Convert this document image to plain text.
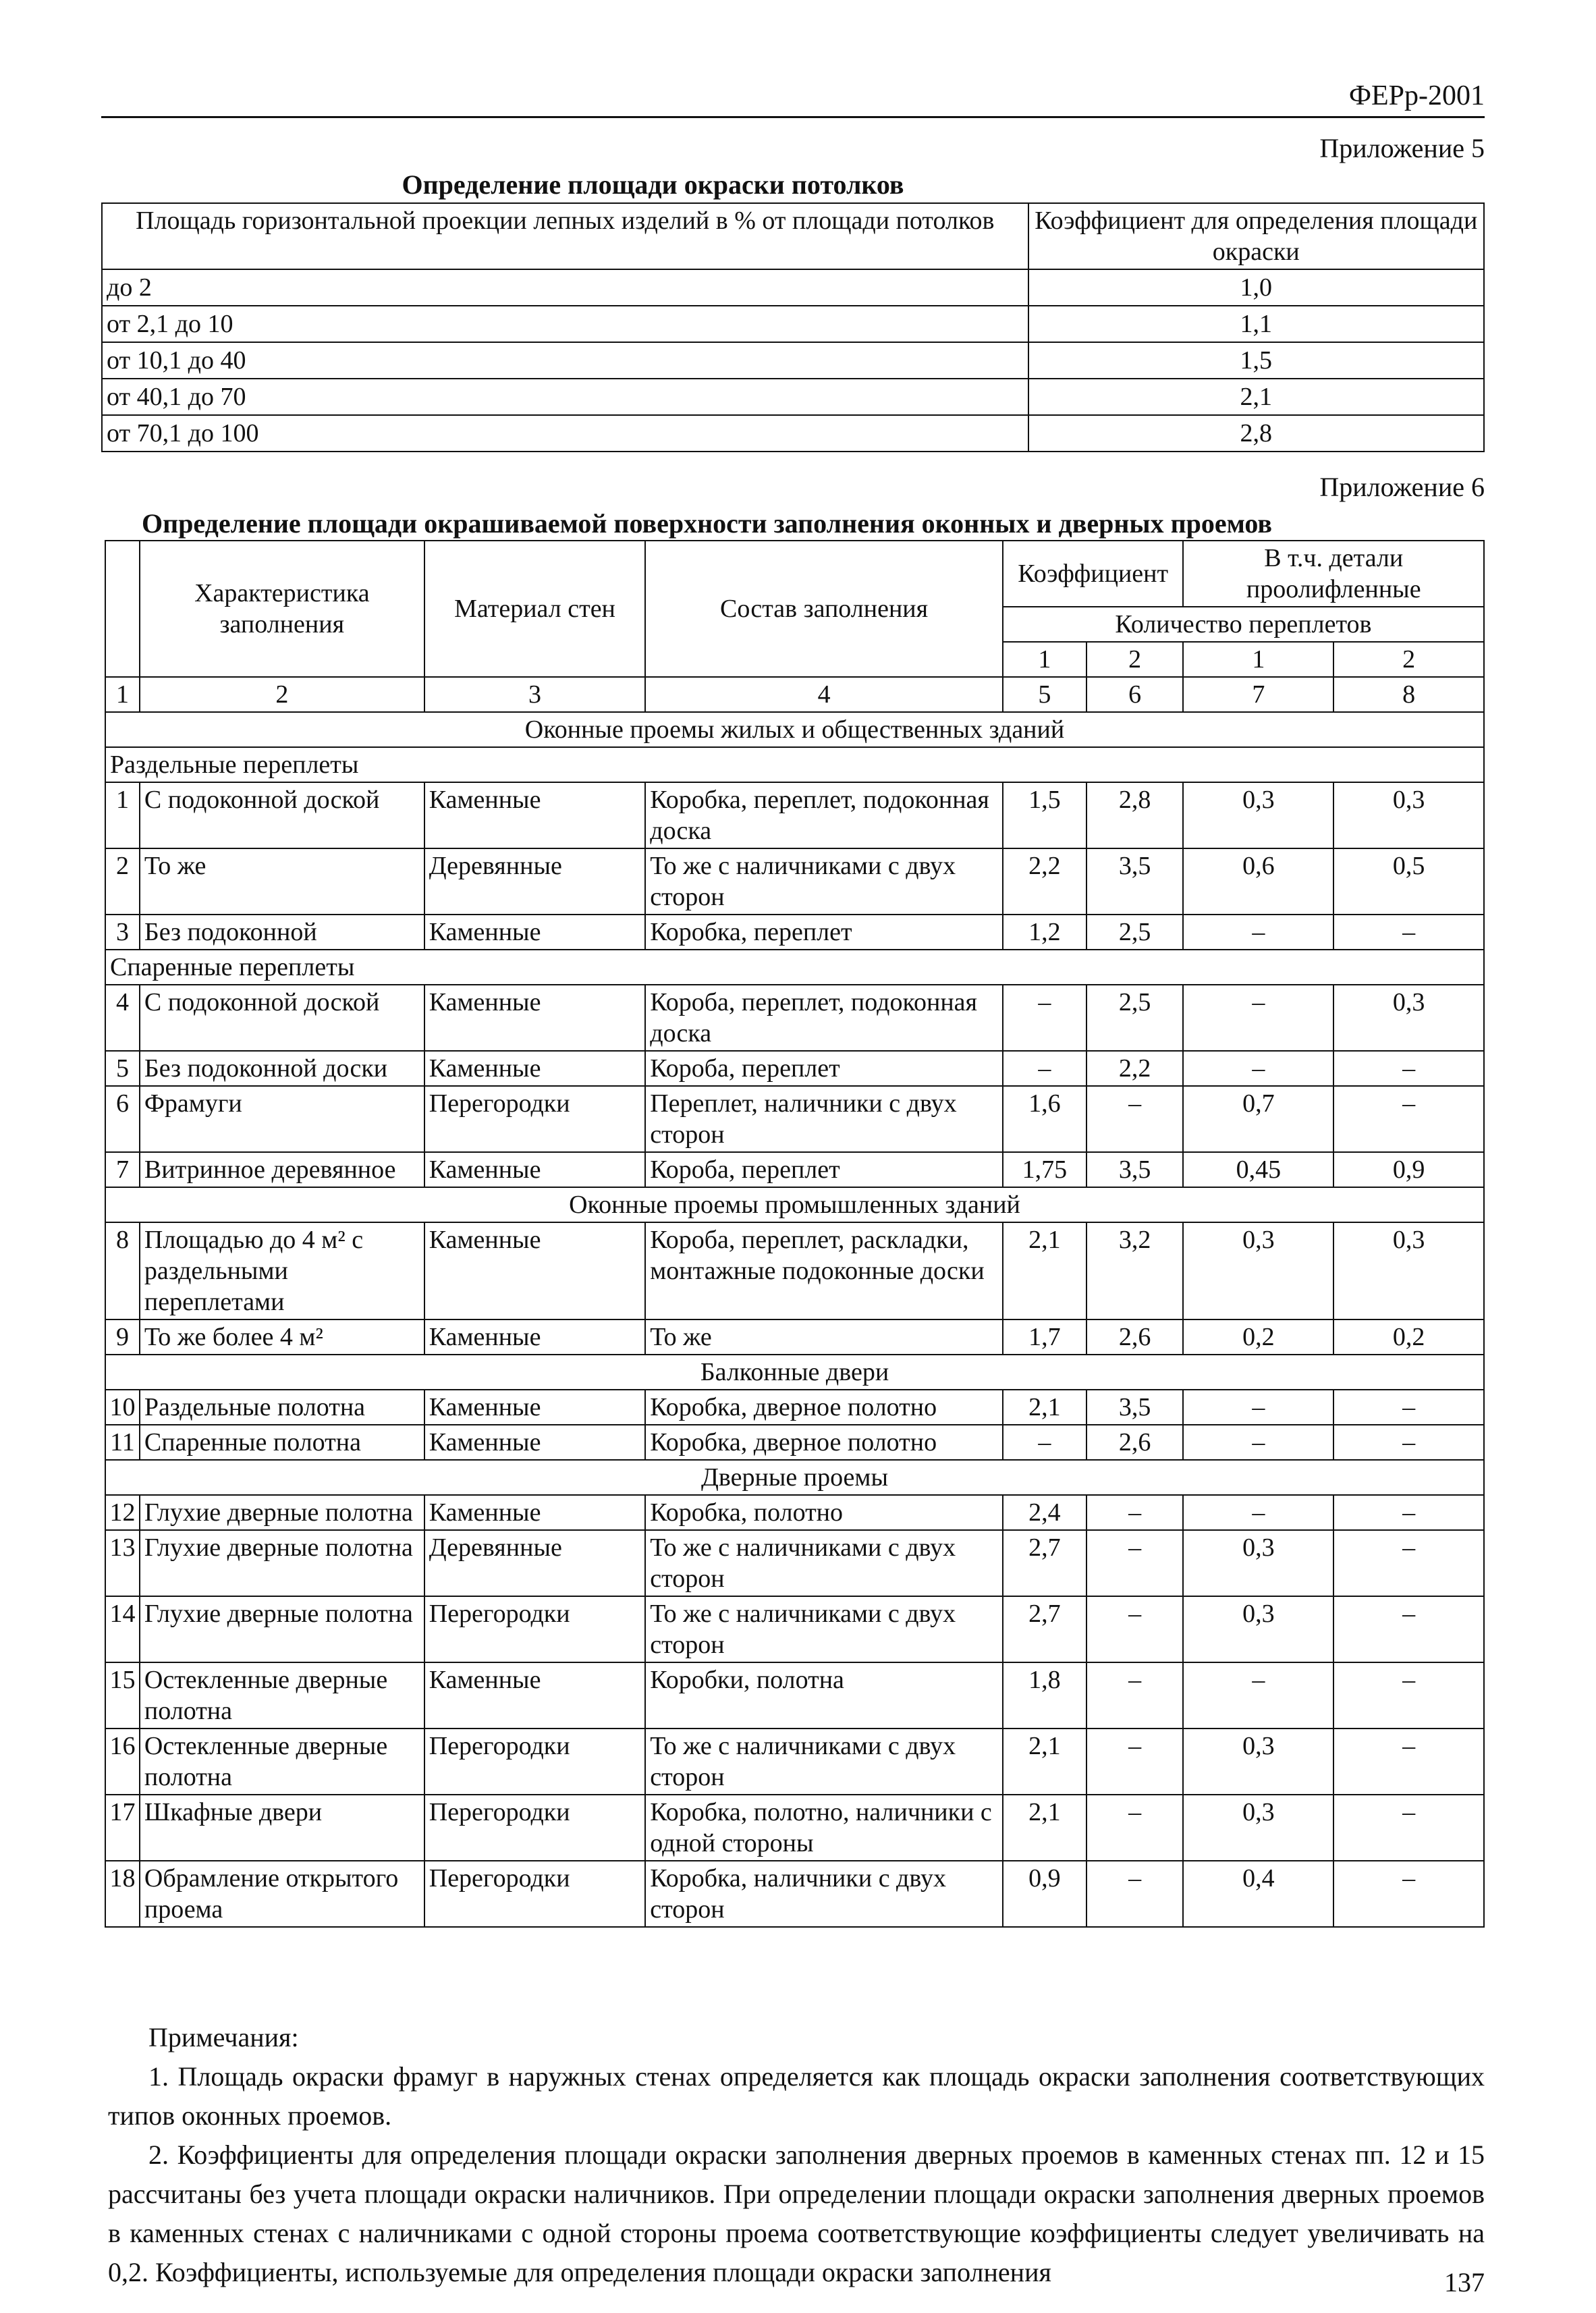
ФЕРр-2001
Приложение 5
Определение площади окраски потолков
Площадь горизонтальной проекции лепных изделий в % от площади потолков	Коэффициент для определения площади окраски
до 2	1,0
от 2,1 до 10	1,1
от 10,1 до 40	1,5
от 40,1 до 70	2,1
от 70,1 до 100	2,8
Приложение 6
Определение площади окрашиваемой поверхности заполнения оконных и дверных проемов
	Характеристика заполнения	Материал стен	Состав заполнения	Коэффициент		В т.ч. детали проолифленные	
				Количество переплетов			
				1	2	1	2
1	2	3	4	5	6	7	8
Оконные проемы жилых и общественных зданий							
Раздельные переплеты							
1	С подоконной доской	Каменные	Коробка, переплет, подоконная доска	1,5	2,8	0,3	0,3
2	То же	Деревянные	То же с наличниками с двух сторон	2,2	3,5	0,6	0,5
3	Без подоконной	Каменные	Коробка, переплет	1,2	2,5	–	–
Спаренные переплеты							
4	С подоконной доской	Каменные	Короба, переплет, подоконная доска	–	2,5	–	0,3
5	Без подоконной доски	Каменные	Короба, переплет	–	2,2	–	–
6	Фрамуги	Перегородки	Переплет, наличники с двух сторон	1,6	–	0,7	–
7	Витринное деревянное	Каменные	Короба, переплет	1,75	3,5	0,45	0,9
Оконные проемы промышленных зданий							
8	Площадью до 4 м² с раздельными переплетами	Каменные	Короба, переплет, раскладки, монтажные подоконные доски	2,1	3,2	0,3	0,3
9	То же более 4 м²	Каменные	То же	1,7	2,6	0,2	0,2
Балконные двери							
10	Раздельные полотна	Каменные	Коробка, дверное полотно	2,1	3,5	–	–
11	Спаренные полотна	Каменные	Коробка, дверное полотно	–	2,6	–	–
Дверные проемы							
12	Глухие дверные полотна	Каменные	Коробка, полотно	2,4	–	–	–
13	Глухие дверные полотна	Деревянные	То же с наличниками с двух сторон	2,7	–	0,3	–
14	Глухие дверные полотна	Перегородки	То же с наличниками с двух сторон	2,7	–	0,3	–
15	Остекленные дверные полотна	Каменные	Коробки, полотна	1,8	–	–	–
16	Остекленные дверные полотна	Перегородки	То же с наличниками с двух сторон	2,1	–	0,3	–
17	Шкафные двери	Перегородки	Коробка, полотно, наличники с одной стороны	2,1	–	0,3	–
18	Обрамление открытого проема	Перегородки	Коробка, наличники с двух сторон	0,9	–	0,4	–
Примечания:

1. Площадь окраски фрамуг в наружных стенах определяется как площадь окраски заполнения соответствующих типов оконных проемов.

2. Коэффициенты для определения площади окраски заполнения дверных проемов в каменных стенах пп. 12 и 15 рассчитаны без учета площади окраски наличников. При определении площади окраски заполнения дверных проемов в каменных стенах с наличниками с одной стороны проема соответствующие коэффициенты следует увеличивать на 0,2. Коэффициенты, используемые для определения площади окраски заполнения	137
